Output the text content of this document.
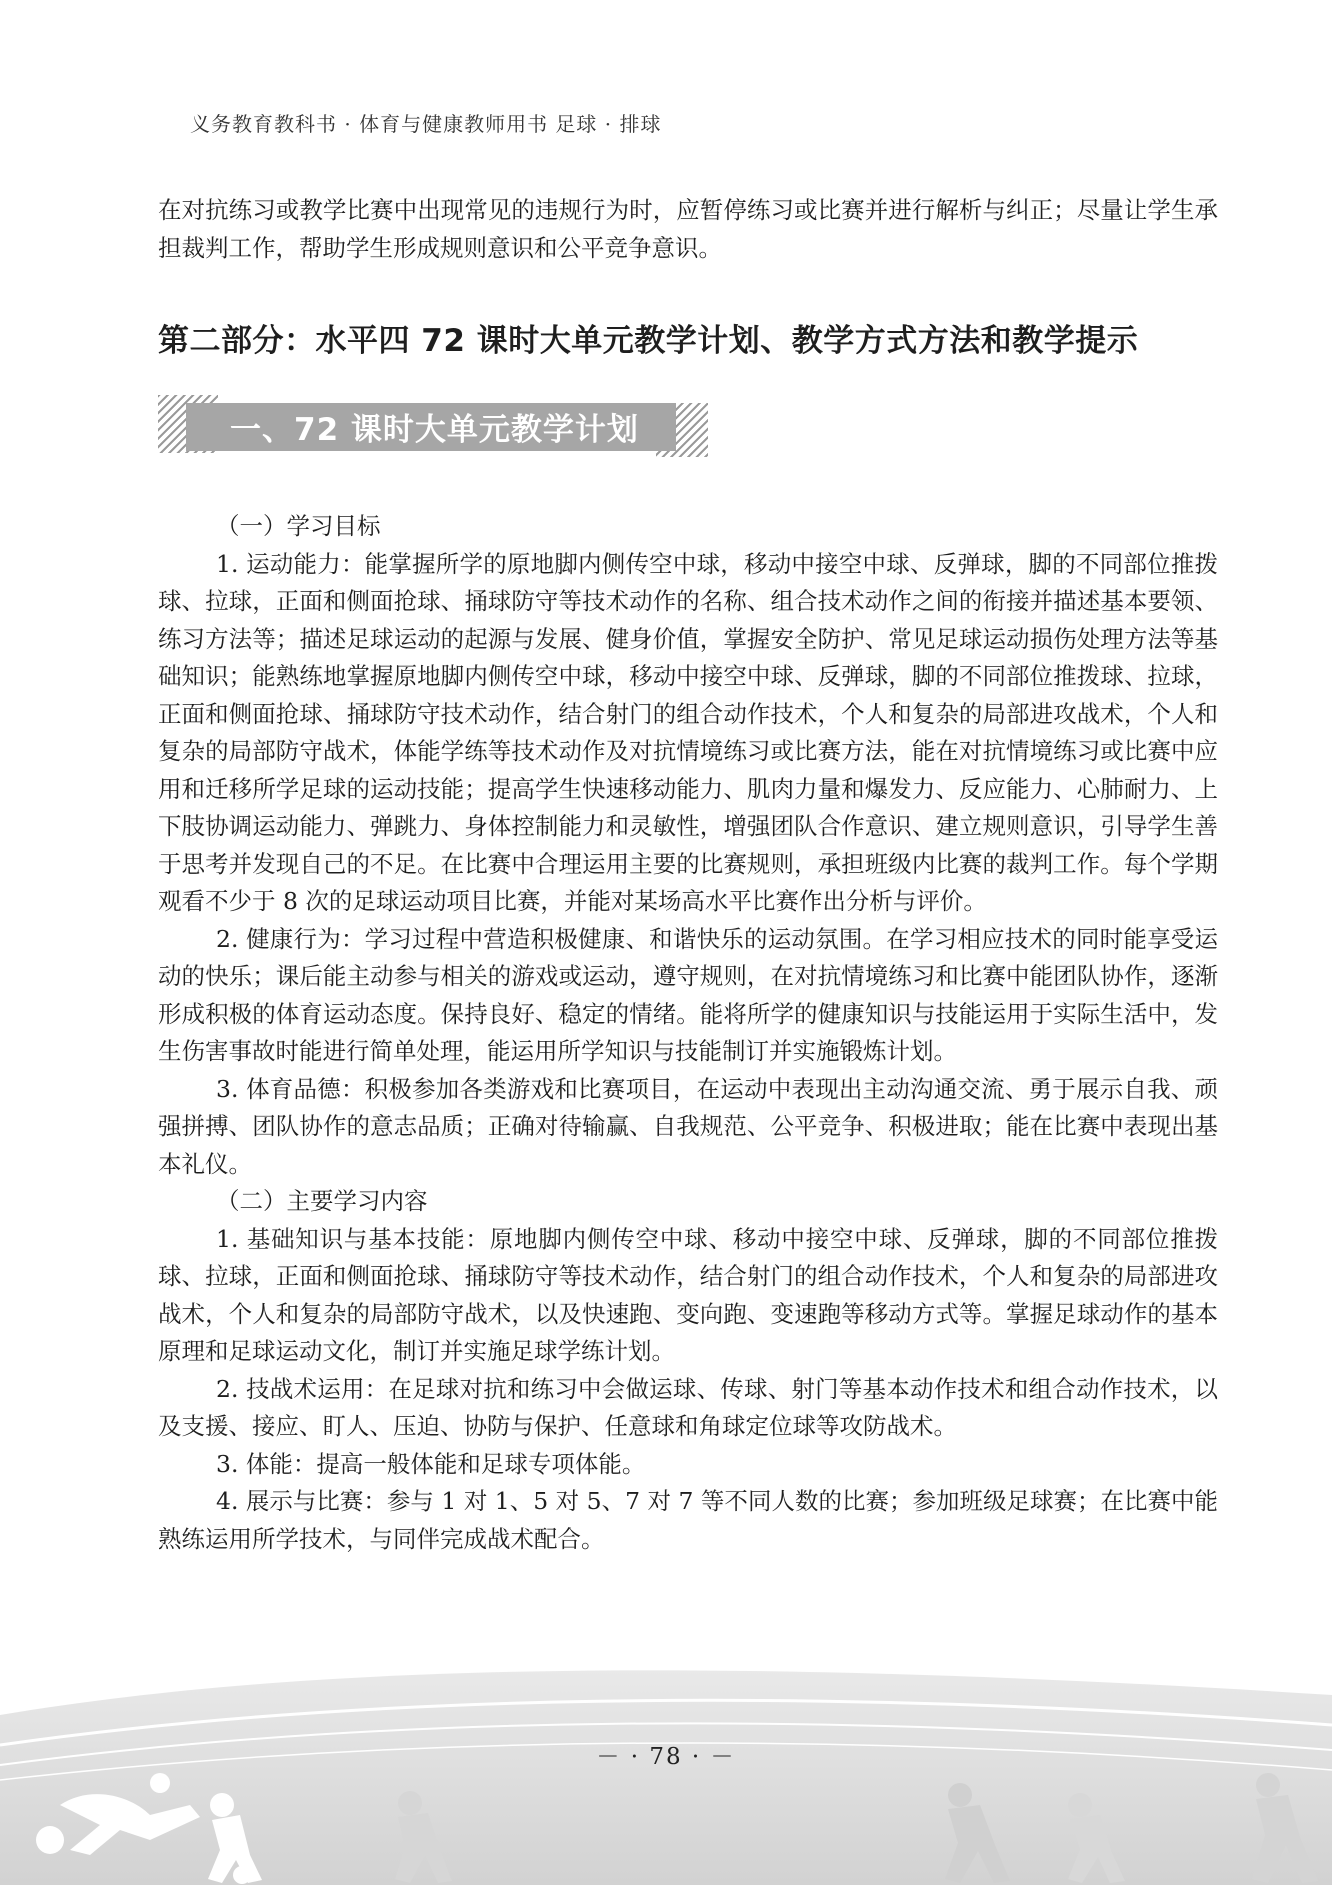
义务教育教科书 · 体育与健康教师用书 足球 · 排球

在对抗练习或教学比赛中出现常见的违规行为时，应暂停练习或比赛并进行解析与纠正；尽量让学生承担裁判工作，帮助学生形成规则意识和公平竞争意识。

第二部分：水平四 72 课时大单元教学计划、教学方式方法和教学提示
一、72 课时大单元教学计划

（一）学习目标

1. 运动能力：能掌握所学的原地脚内侧传空中球，移动中接空中球、反弹球，脚的不同部位推拨球、拉球，正面和侧面抢球、捅球防守等技术动作的名称、组合技术动作之间的衔接并描述基本要领、练习方法等；描述足球运动的起源与发展、健身价值，掌握安全防护、常见足球运动损伤处理方法等基础知识；能熟练地掌握原地脚内侧传空中球，移动中接空中球、反弹球，脚的不同部位推拨球、拉球，正面和侧面抢球、捅球防守技术动作，结合射门的组合动作技术，个人和复杂的局部进攻战术，个人和复杂的局部防守战术，体能学练等技术动作及对抗情境练习或比赛方法，能在对抗情境练习或比赛中应用和迁移所学足球的运动技能；提高学生快速移动能力、肌肉力量和爆发力、反应能力、心肺耐力、上下肢协调运动能力、弹跳力、身体控制能力和灵敏性，增强团队合作意识、建立规则意识，引导学生善于思考并发现自己的不足。在比赛中合理运用主要的比赛规则，承担班级内比赛的裁判工作。每个学期观看不少于 8 次的足球运动项目比赛，并能对某场高水平比赛作出分析与评价。

2. 健康行为：学习过程中营造积极健康、和谐快乐的运动氛围。在学习相应技术的同时能享受运动的快乐；课后能主动参与相关的游戏或运动，遵守规则，在对抗情境练习和比赛中能团队协作，逐渐形成积极的体育运动态度。保持良好、稳定的情绪。能将所学的健康知识与技能运用于实际生活中，发生伤害事故时能进行简单处理，能运用所学知识与技能制订并实施锻炼计划。

3. 体育品德：积极参加各类游戏和比赛项目，在运动中表现出主动沟通交流、勇于展示自我、顽强拼搏、团队协作的意志品质；正确对待输赢、自我规范、公平竞争、积极进取；能在比赛中表现出基本礼仪。

（二）主要学习内容

1. 基础知识与基本技能：原地脚内侧传空中球、移动中接空中球、反弹球，脚的不同部位推拨球、拉球，正面和侧面抢球、捅球防守等技术动作，结合射门的组合动作技术，个人和复杂的局部进攻战术，个人和复杂的局部防守战术，以及快速跑、变向跑、变速跑等移动方式等。掌握足球动作的基本原理和足球运动文化，制订并实施足球学练计划。

2. 技战术运用：在足球对抗和练习中会做运球、传球、射门等基本动作技术和组合动作技术，以及支援、接应、盯人、压迫、协防与保护、任意球和角球定位球等攻防战术。

3. 体能：提高一般体能和足球专项体能。

4. 展示与比赛：参与 1 对 1、5 对 5、7 对 7 等不同人数的比赛；参加班级足球赛；在比赛中能熟练运用所学技术，与同伴完成战术配合。

－ · 78 · －
